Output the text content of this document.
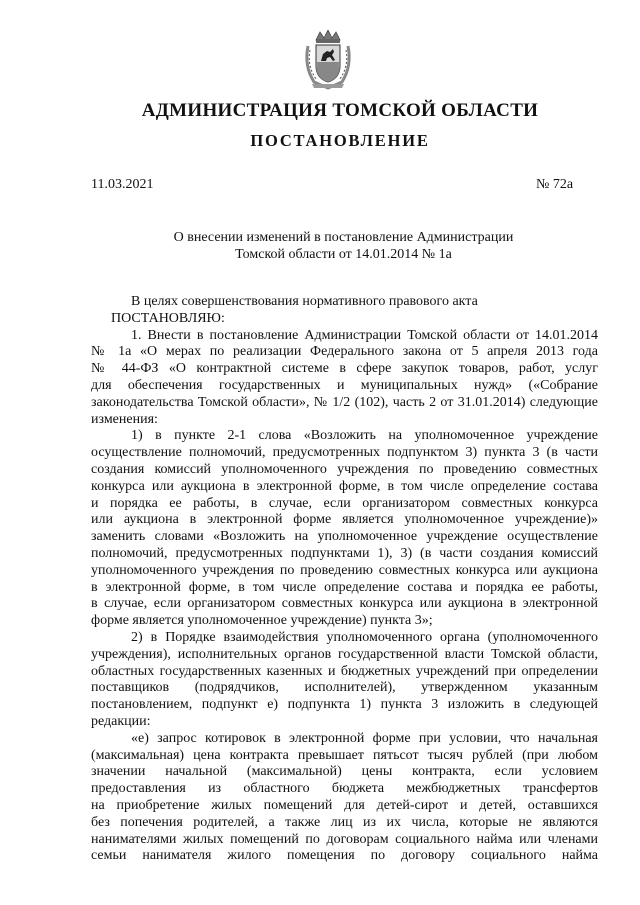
АДМИНИСТРАЦИЯ ТОМСКОЙ ОБЛАСТИ
ПОСТАНОВЛЕНИЕ
11.03.2021	№ 72а
О внесении изменений в постановление Администрации
Томской области от 14.01.2014 № 1а
В целях совершенствования нормативного правового акта
ПОСТАНОВЛЯЮ:
1. Внести в постановление Администрации Томской области от 14.01.2014
№ 1а «О мерах по реализации Федерального закона от 5 апреля 2013 года
№ 44-ФЗ «О контрактной системе в сфере закупок товаров, работ, услуг
для обеспечения государственных и муниципальных нужд» («Собрание
законодательства Томской области», № 1/2 (102), часть 2 от 31.01.2014) следующие
изменения:
1) в пункте 2-1 слова «Возложить на уполномоченное учреждение
осуществление полномочий, предусмотренных подпунктом 3) пункта 3 (в части
создания комиссий уполномоченного учреждения по проведению совместных
конкурса или аукциона в электронной форме, в том числе определение состава
и порядка ее работы, в случае, если организатором совместных конкурса
или аукциона в электронной форме является уполномоченное учреждение)»
заменить словами «Возложить на уполномоченное учреждение осуществление
полномочий, предусмотренных подпунктами 1), 3) (в части создания комиссий
уполномоченного учреждения по проведению совместных конкурса или аукциона
в электронной форме, в том числе определение состава и порядка ее работы,
в случае, если организатором совместных конкурса или аукциона в электронной
форме является уполномоченное учреждение) пункта 3»;
2) в Порядке взаимодействия уполномоченного органа (уполномоченного
учреждения), исполнительных органов государственной власти Томской области,
областных государственных казенных и бюджетных учреждений при определении
поставщиков (подрядчиков, исполнителей), утвержденном указанным
постановлением, подпункт е) подпункта 1) пункта 3 изложить в следующей
редакции:
«е) запрос котировок в электронной форме при условии, что начальная
(максимальная) цена контракта превышает пятьсот тысяч рублей (при любом
значении начальной (максимальной) цены контракта, если условием
предоставления из областного бюджета межбюджетных трансфертов
на приобретение жилых помещений для детей-сирот и детей, оставшихся
без попечения родителей, а также лиц из их числа, которые не являются
нанимателями жилых помещений по договорам социального найма или членами
семьи нанимателя жилого помещения по договору социального найма
